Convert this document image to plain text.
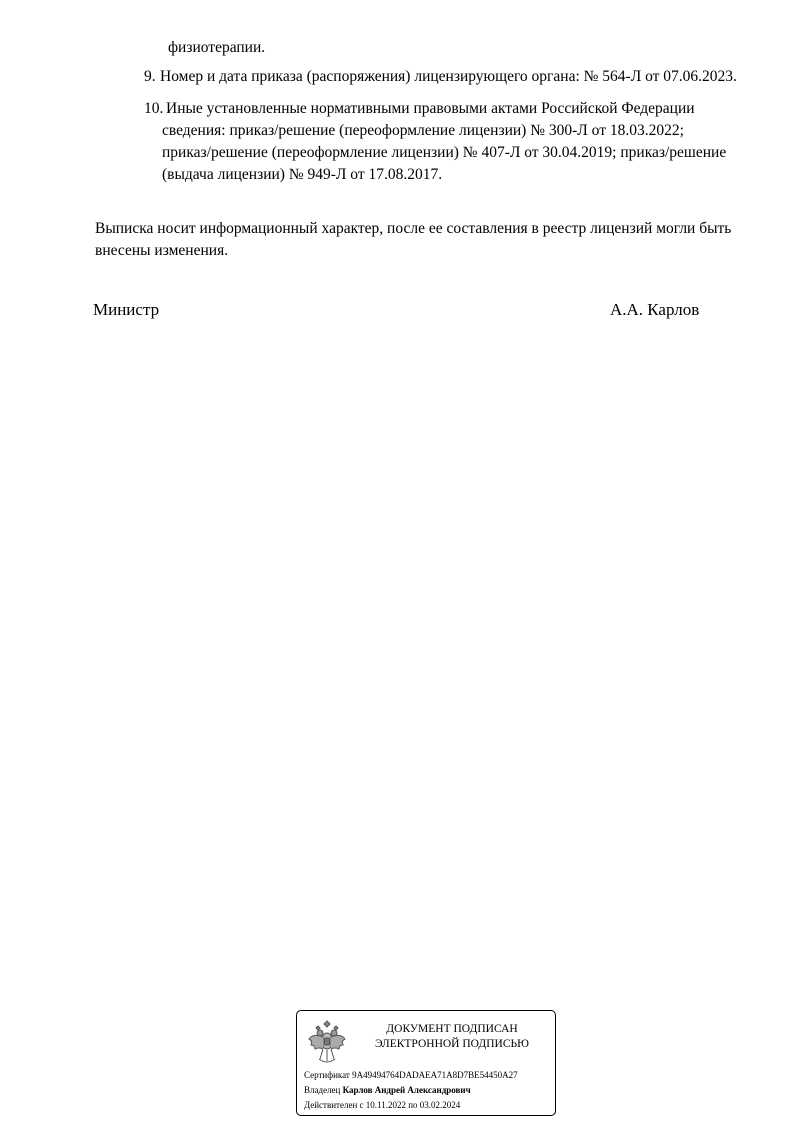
физиотерапии.
9. Номер и дата приказа (распоряжения) лицензирующего органа: № 564-Л от 07.06.2023.
10. Иные установленные нормативными правовыми актами Российской Федерации
сведения: приказ/решение (переоформление лицензии) № 300-Л от 18.03.2022;
приказ/решение (переоформление лицензии) № 407-Л от 30.04.2019; приказ/решение
(выдача лицензии) № 949-Л от 17.08.2017.
Выписка носит информационный характер, после ее составления в реестр лицензий могли быть
внесены изменения.
Министр	А.А. Карлов
ДОКУМЕНТ ПОДПИСАН
ЭЛЕКТРОННОЙ ПОДПИСЬЮ
Сертификат 9A49494764DADAEA71A8D7BE54450A27
Владелец Карлов Андрей Александрович
Действителен с 10.11.2022 по 03.02.2024
